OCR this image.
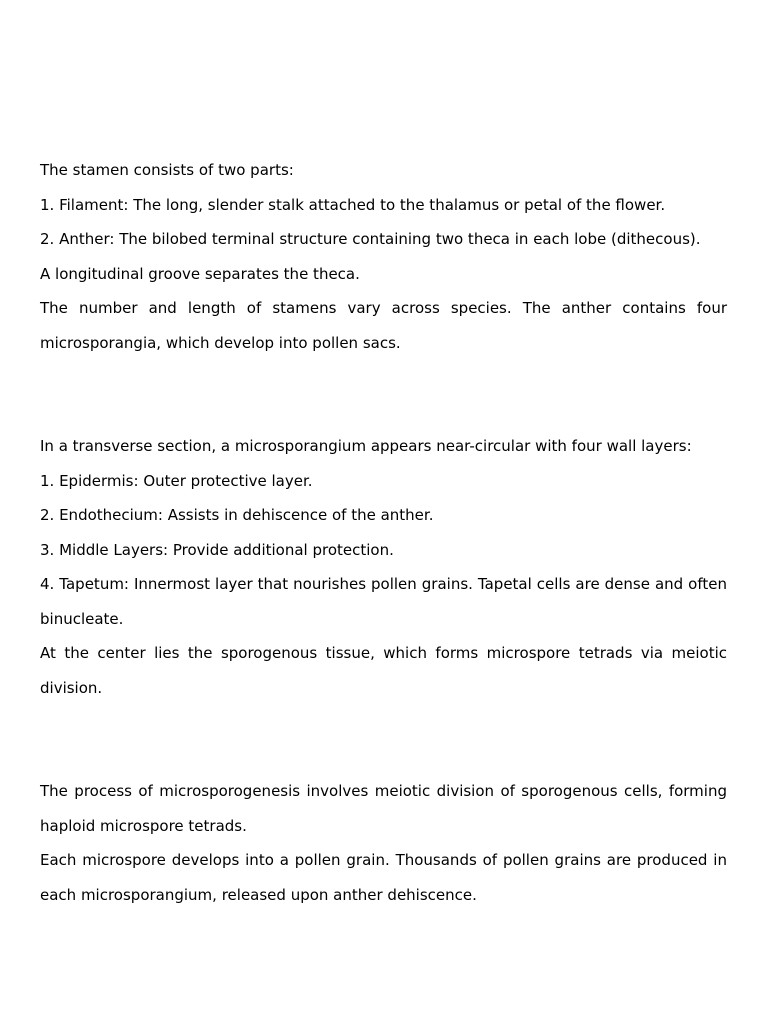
The stamen consists of two parts:

1. Filament: The long, slender stalk attached to the thalamus or petal of the flower.

2. Anther: The bilobed terminal structure containing two theca in each lobe (dithecous).

A longitudinal groove separates the theca.

The number and length of stamens vary across species. The anther contains four microsporangia, which develop into pollen sacs.

In a transverse section, a microsporangium appears near-circular with four wall layers:

1. Epidermis: Outer protective layer.

2. Endothecium: Assists in dehiscence of the anther.

3. Middle Layers: Provide additional protection.

4. Tapetum: Innermost layer that nourishes pollen grains. Tapetal cells are dense and often binucleate.

At the center lies the sporogenous tissue, which forms microspore tetrads via meiotic division.

The process of microsporogenesis involves meiotic division of sporogenous cells, forming haploid microspore tetrads.

Each microspore develops into a pollen grain. Thousands of pollen grains are produced in each microsporangium, released upon anther dehiscence.
